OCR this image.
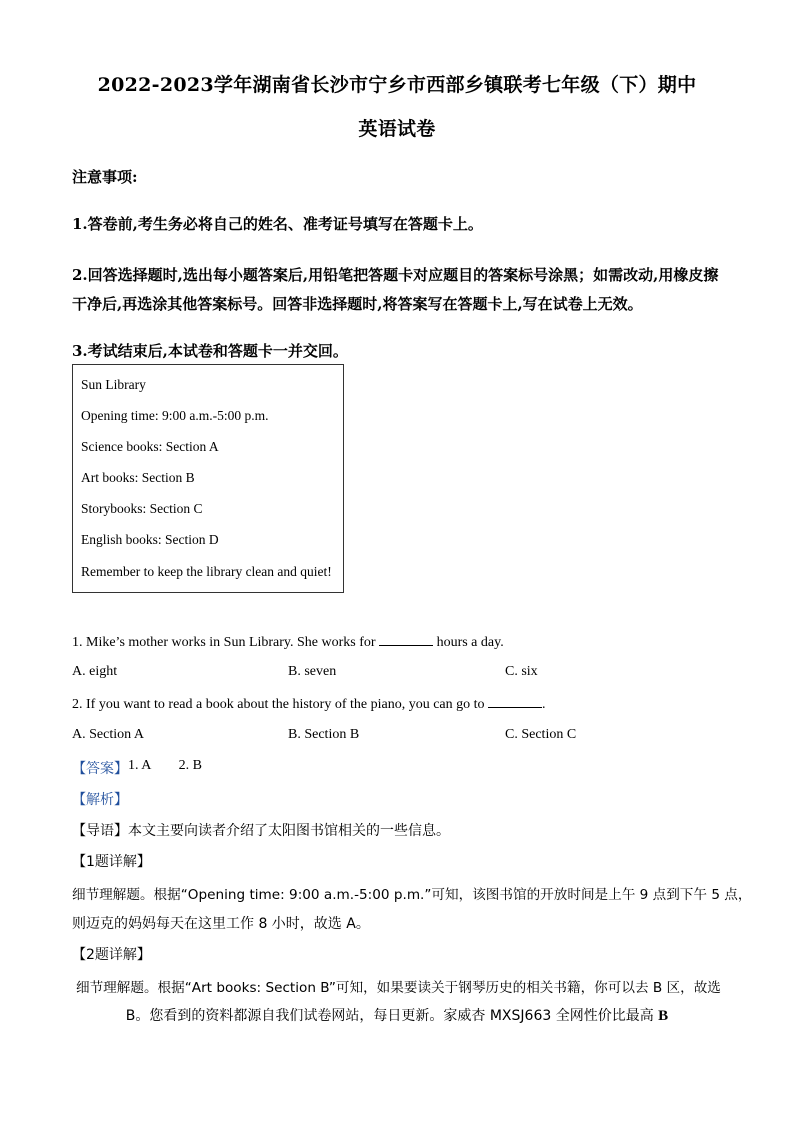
2022-2023学年湖南省长沙市宁乡市西部乡镇联考七年级（下）期中
英语试卷
注意事项:
1.答卷前,考生务必将自己的姓名、准考证号填写在答题卡上。
2.回答选择题时,选出每小题答案后,用铅笔把答题卡对应题目的答案标号涂黑；如需改动,用橡皮擦干净后,再选涂其他答案标号。回答非选择题时,将答案写在答题卡上,写在试卷上无效。
3.考试结束后,本试卷和答题卡一并交回。
Sun Library
Opening time: 9:00 a.m.-5:00 p.m.
Science books: Section A
Art books: Section B
Storybooks: Section C
English books: Section D
Remember to keep the library clean and quiet!
1. Mike’s mother works in Sun Library. She works for	hours a day.
A. eight	B. seven	C. six
2. If you want to read a book about the history of the piano, you can go to	.
A. Section A	B. Section B	C. Section C
【答案】 1. A        2. B
【解析】
【导语】本文主要向读者介绍了太阳图书馆相关的一些信息。
【1题详解】
细节理解题。根据“Opening time: 9:00 a.m.-5:00 p.m.”可知，该图书馆的开放时间是上午 9 点到下午 5 点，
则迈克的妈妈每天在这里工作 8 小时，故选 A。
【2题详解】
细节理解题。根据“Art books: Section B”可知，如果要读关于钢琴历史的相关书籍，你可以去 B 区，故选
B。您看到的资料都源自我们试卷网站，每日更新。家威杏 MXSJ663 全网性价比最高 B
